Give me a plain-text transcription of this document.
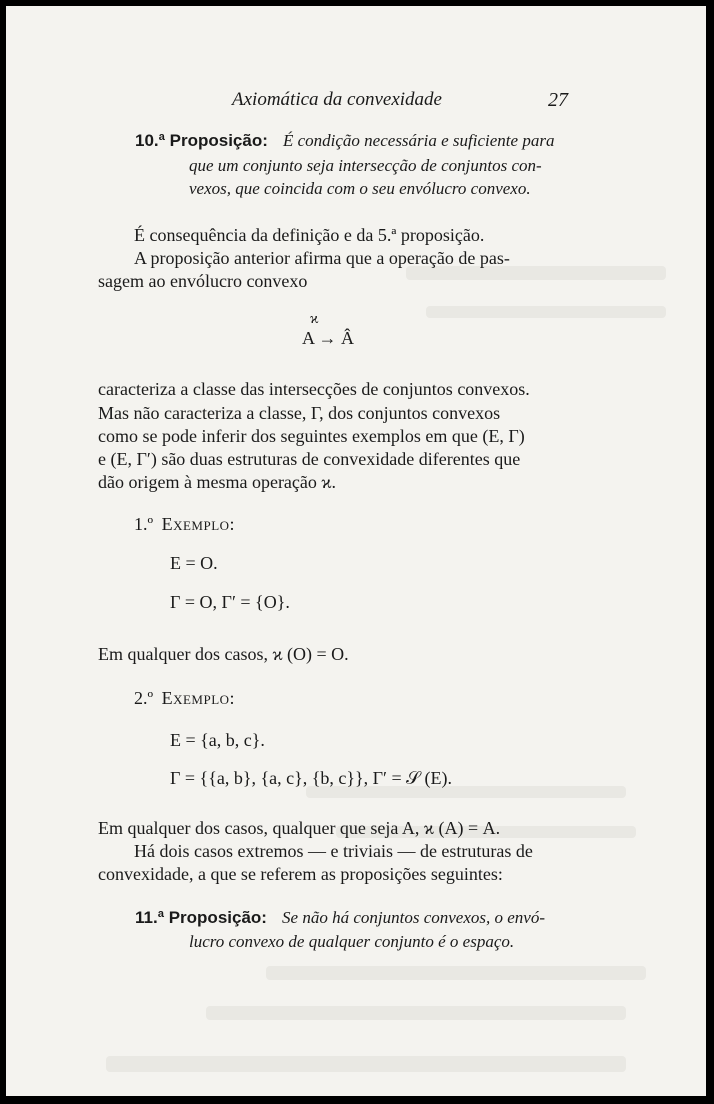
Axiomática da convexidade	27
10.ª Proposição: É condição necessária e suficiente para
que um conjunto seja intersecção de conjuntos con-
vexos, que coincida com o seu envólucro convexo.
É consequência da definição e da 5.ª proposição.
A proposição anterior afirma que a operação de pas-
sagem ao envólucro convexo
ϰ
A → Â
caracteriza a classe das intersecções de conjuntos convexos.
Mas não caracteriza a classe, Γ, dos conjuntos convexos
como se pode inferir dos seguintes exemplos em que (E, Γ)
e (E, Γ′) são duas estruturas de convexidade diferentes que
dão origem à mesma operação ϰ.
1.º Exemplo:
E = O.
Γ = O, Γ′ = {O}.
Em qualquer dos casos, ϰ (O) = O.
2.º Exemplo:
E = {a, b, c}.
Γ = {{a, b}, {a, c}, {b, c}}, Γ′ = 𝒮 (E).
Em qualquer dos casos, qualquer que seja A, ϰ (A) = A.
Há dois casos extremos — e triviais — de estruturas de
convexidade, a que se referem as proposições seguintes:
11.ª Proposição: Se não há conjuntos convexos, o envó-
lucro convexo de qualquer conjunto é o espaço.
